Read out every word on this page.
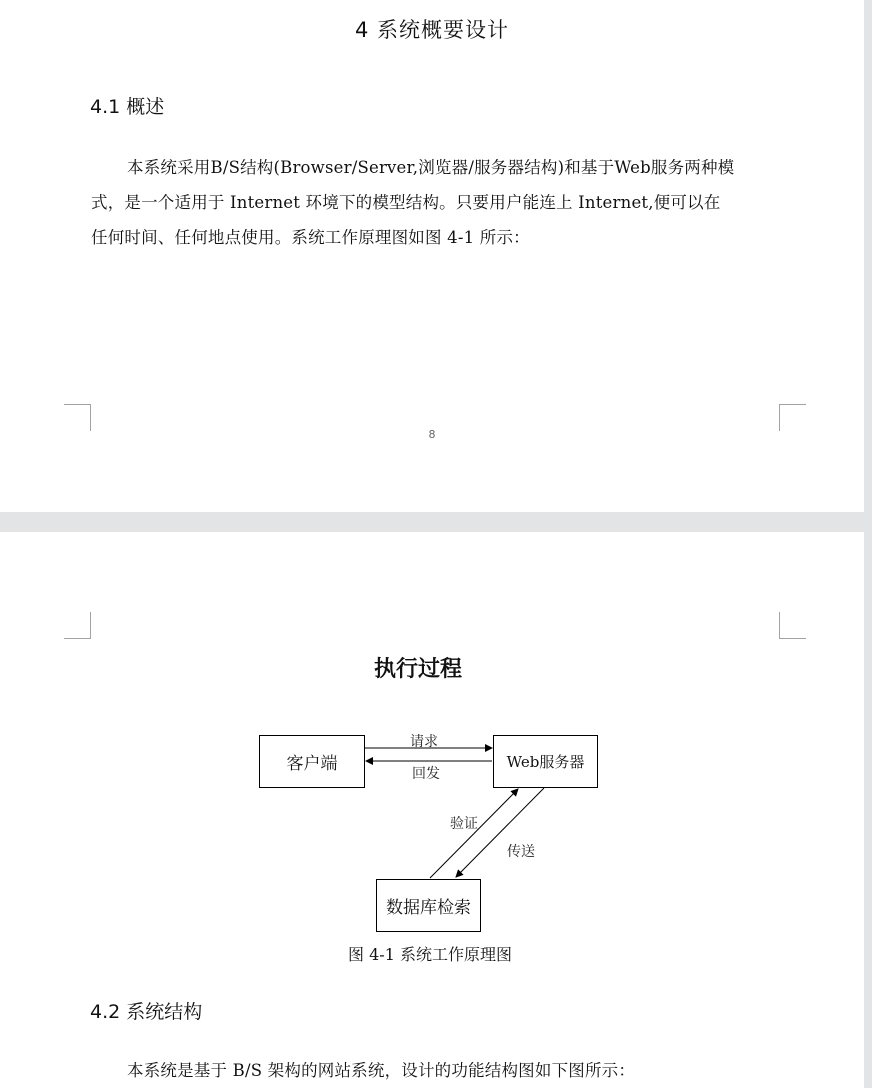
4 系统概要设计
4.1 概述
本系统采用B/S结构(Browser/Server,浏览器/服务器结构)和基于Web服务两种模
式，是一个适用于 Internet 环境下的模型结构。只要用户能连上 Internet,便可以在
任何时间、任何地点使用。系统工作原理图如图 4-1 所示：
8
执行过程
客户端	Web服务器
数据库检索
请求
回发
验证
传送
图 4-1 系统工作原理图
4.2 系统结构
本系统是基于 B/S 架构的网站系统，设计的功能结构图如下图所示：
